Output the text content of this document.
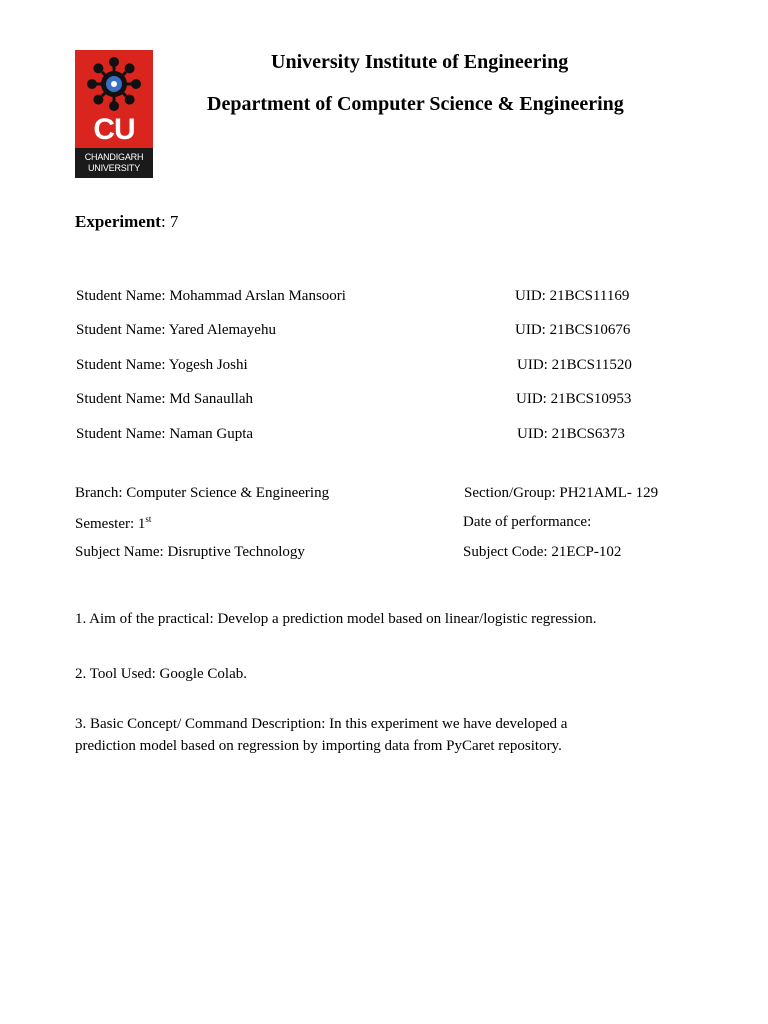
CU
CHANDIGARH
UNIVERSITY
University Institute of Engineering
Department of Computer Science & Engineering
Experiment: 7
Student Name: Mohammad Arslan Mansoori	UID: 21BCS11169
Student Name: Yared Alemayehu	UID: 21BCS10676
Student Name: Yogesh Joshi	UID: 21BCS11520
Student Name: Md Sanaullah	UID: 21BCS10953
Student Name: Naman Gupta	UID: 21BCS6373
Branch: Computer Science & Engineering	Section/Group: PH21AML- 129
Semester: 1st	Date of performance:
Subject Name: Disruptive Technology	Subject Code: 21ECP-102
1. Aim of the practical: Develop a prediction model based on linear/logistic regression.
2. Tool Used: Google Colab.
3. Basic Concept/ Command Description: In this experiment we have developed a
prediction model based on regression by importing data from PyCaret repository.
